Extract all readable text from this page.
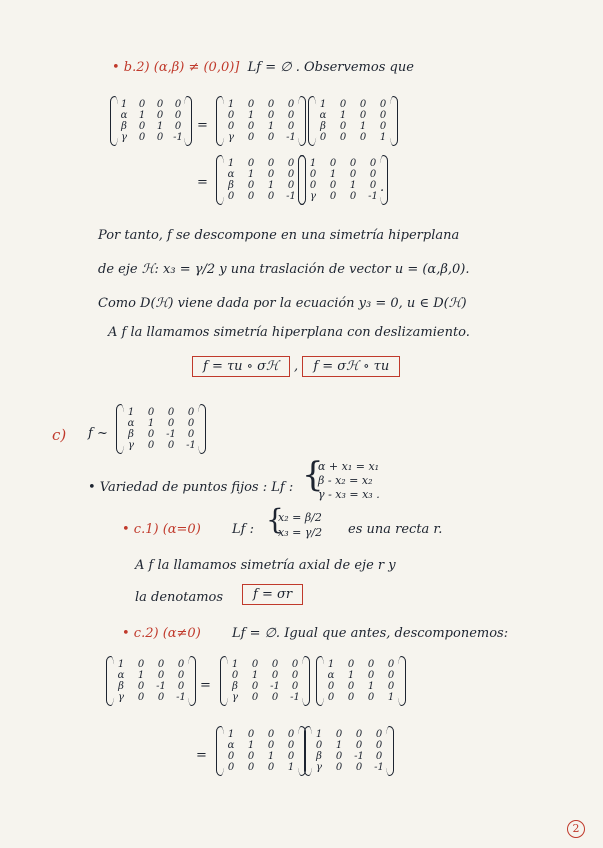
• b.2) (α,β) ≠ (0,0)] Lf = ∅ . Observemos que
1 0 0 0
α 1 0 0
β	0 1 0
γ	0 0 -1
=
1	0	0	0
0	1	0	0
0	0	1	0
γ	0	0	-1
1	0	0	0
α	1	0	0
β	0	1	0
0	0	0	1
=
1	0	0	0
α	1	0	0
β	0	1	0
0	0	0	-1
1	0	0	0
0	1	0	0
0	0	1	0
γ	0	0	-1
.
Por tanto, f se descompone en una simetría hiperplana
de eje ℋ: x₃ = γ/2 y una traslación de vector u = (α,β,0).
Como D(ℋ) viene dada por la ecuación y₃ = 0, u ∈ D(ℋ)
A f la llamamos simetría hiperplana con deslizamiento.
f = τu ∘ σℋ , f = σℋ ∘ τu
c) f ~
1	0	0	0
α	1	0	0
β	0	-1	0
γ	0	0	-1
• Variedad de puntos fijos : Lf : {
α + x₁ = x₁
β - x₂ = x₂
γ - x₃ = x₃ .
• c.1) (α=0) Lf : {
x₂ = β/2
x₃ = γ/2 es una recta r.
A f la llamamos simetría axial de eje r y
la denotamos	f = σr
• c.2) (α≠0) Lf = ∅. Igual que antes, descomponemos:
1	0	0	0
α	1	0	0
β	0	-1	0
γ	0	0	-1
=
1	0	0	0
0	1	0	0
β	0	-1	0
γ	0	0	-1
1	0	0	0
α	1	0	0
0	0	1	0
0	0	0	1
=
1	0	0	0
α	1	0	0
0	0	1	0
0	0	0	1
1	0	0	0
0	1	0	0
β	0	-1	0
γ	0	0	-1
2
